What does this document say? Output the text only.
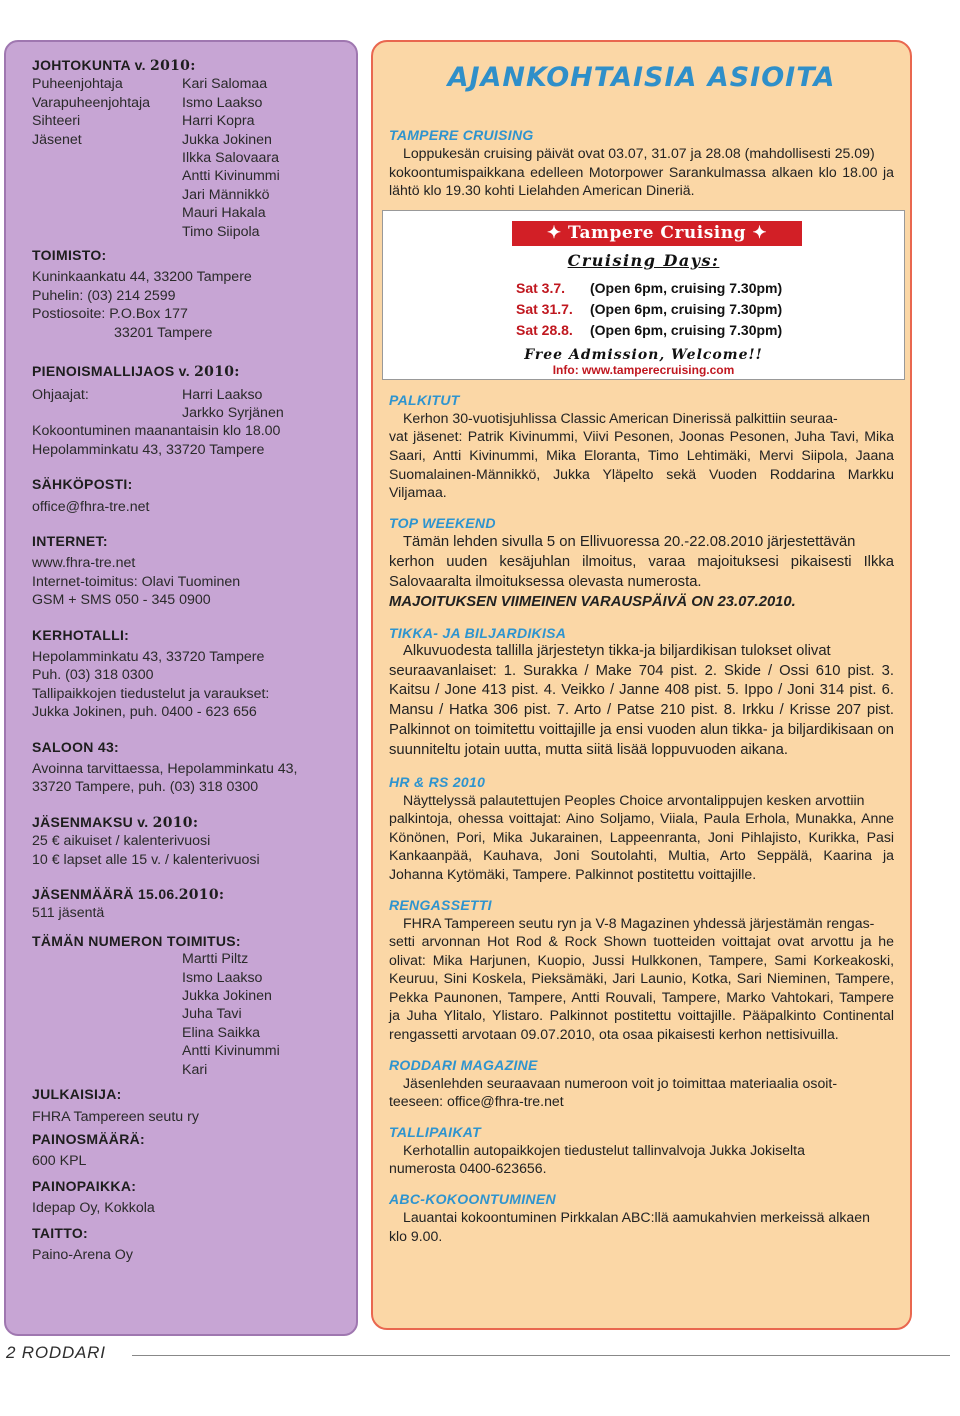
JOHTOKUNTA v. 2010:
Puheenjohtaja	Kari Salomaa
Varapuheenjohtaja	Ismo Laakso
Sihteeri	Harri Kopra
Jäsenet	Jukka Jokinen
Ilkka Salovaara
Antti Kivinummi
Jari Männikkö
Mauri Hakala
Timo Siipola
TOIMISTO:
Kuninkaankatu 44, 33200 Tampere
Puhelin: (03) 214 2599
Postiosoite: P.O.Box 177
33201 Tampere
PIENOISMALLIJAOS v. 2010:
Ohjaajat:	Harri Laakso
Jarkko Syrjänen
Kokoontuminen maanantaisin klo 18.00
Hepolamminkatu 43, 33720 Tampere
SÄHKÖPOSTI:
office@fhra-tre.net
INTERNET:
www.fhra-tre.net
Internet-toimitus: Olavi Tuominen
GSM + SMS 050 - 345 0900
KERHOTALLI:
Hepolamminkatu 43, 33720 Tampere
Puh. (03) 318 0300
Tallipaikkojen tiedustelut ja varaukset:
Jukka Jokinen, puh. 0400 - 623 656
SALOON 43:
Avoinna tarvittaessa, Hepolamminkatu 43,
33720 Tampere, puh. (03) 318 0300
JÄSENMAKSU v. 2010:
25 € aikuiset / kalenterivuosi
10 € lapset alle 15 v. / kalenterivuosi
JÄSENMÄÄRÄ 15.06.2010:
511 jäsentä
TÄMÄN NUMERON TOIMITUS:
Martti Piltz
Ismo Laakso
Jukka Jokinen
Juha Tavi
Elina Saikka
Antti Kivinummi
Kari
JULKAISIJA:
FHRA Tampereen seutu ry
PAINOSMÄÄRÄ:
600 KPL
PAINOPAIKKA:
Idepap Oy, Kokkola
TAITTO:
Paino-Arena Oy
AJANKOHTAISIA ASIOITA
TAMPERE CRUISING
Loppukesän cruising päivät ovat 03.07, 31.07 ja 28.08 (mahdollisesti 25.09)
kokoontumispaikkana edelleen Motorpower Sarankulmassa alkaen klo 18.00 ja lähtö klo 19.30 kohti Lielahden American Dineriä.
✦ Tampere Cruising ✦
Cruising Days:
Sat 3.7. (Open 6pm, cruising 7.30pm)
Sat 31.7. (Open 6pm, cruising 7.30pm)
Sat 28.8. (Open 6pm, cruising 7.30pm)
Free Admission, Welcome!!
Info: www.tamperecruising.com
PALKITUT
Kerhon 30-vuotisjuhlissa Classic American Dinerissä palkittiin seuraa-
vat jäsenet: Patrik Kivinummi, Viivi Pesonen, Joonas Pesonen, Juha Tavi, Mika Saari, Antti Kivinummi, Mika Eloranta, Timo Lehtimäki, Mervi Siipola, Jaana Suomalainen-Männikkö, Jukka Yläpelto sekä Vuoden Roddarina Markku Viljamaa.
TOP WEEKEND
Tämän lehden sivulla 5 on Ellivuoressa 20.-22.08.2010 järjestettävän
kerhon uuden kesäjuhlan ilmoitus, varaa majoituksesi pikaisesti Ilkka Salovaaralta ilmoituksessa olevasta numerosta.
MAJOITUKSEN VIIMEINEN VARAUSPÄIVÄ ON 23.07.2010.
TIKKA- JA BILJARDIKISA
Alkuvuodesta tallilla järjestetyn tikka-ja biljardikisan tulokset olivat
seuraavanlaiset: 1. Surakka / Make 704 pist. 2. Skide / Ossi 610 pist. 3. Kaitsu / Jone 413 pist. 4. Veikko / Janne 408 pist. 5. Ippo / Joni 314 pist. 6. Mansu / Hatka 306 pist. 7. Arto / Patse 210 pist. 8. Irkku / Krisse 207 pist. Palkinnot on toimitettu voittajille ja ensi vuoden alun tikka- ja biljardikisaan on suunniteltu jotain uutta, mutta siitä lisää loppuvuoden aikana.
HR & RS 2010
Näyttelyssä palautettujen Peoples Choice arvontalippujen kesken arvottiin
palkintoja, ohessa voittajat: Aino Soljamo, Viiala, Paula Erhola, Munakka, Anne Könönen, Pori, Mika Jukarainen, Lappeenranta, Joni Pihlajisto, Kurikka, Pasi Kankaanpää, Kauhava, Joni Soutolahti, Multia, Arto Seppälä, Kaarina ja Johanna Kytömäki, Tampere. Palkinnot postitettu voittajille.
RENGASSETTI
FHRA Tampereen seutu ryn ja V-8 Magazinen yhdessä järjestämän rengas-
setti arvonnan Hot Rod & Rock Shown tuotteiden voittajat ovat arvottu ja he olivat: Mika Harjunen, Kuopio, Jussi Hulkkonen, Tampere, Sami Korkeakoski, Keuruu, Sini Koskela, Pieksämäki, Jari Launio, Kotka, Sari Nieminen, Tampere, Pekka Paunonen, Tampere, Antti Rouvali, Tampere, Marko Vahtokari, Tampere ja Juha Ylitalo, Ylistaro. Palkinnot postitettu voittajille. Pääpalkinto Continental rengassetti arvotaan 09.07.2010, ota osaa pikaisesti kerhon nettisivuilla.
RODDARI MAGAZINE
Jäsenlehden seuraavaan numeroon voit jo toimittaa materiaalia osoit-
teeseen: office@fhra-tre.net
TALLIPAIKAT
Kerhotallin autopaikkojen tiedustelut tallinvalvoja Jukka Jokiselta
numerosta 0400-623656.
ABC-KOKOONTUMINEN
Lauantai kokoontuminen Pirkkalan ABC:llä aamukahvien merkeissä alkaen
klo 9.00.
2 RODDARI
